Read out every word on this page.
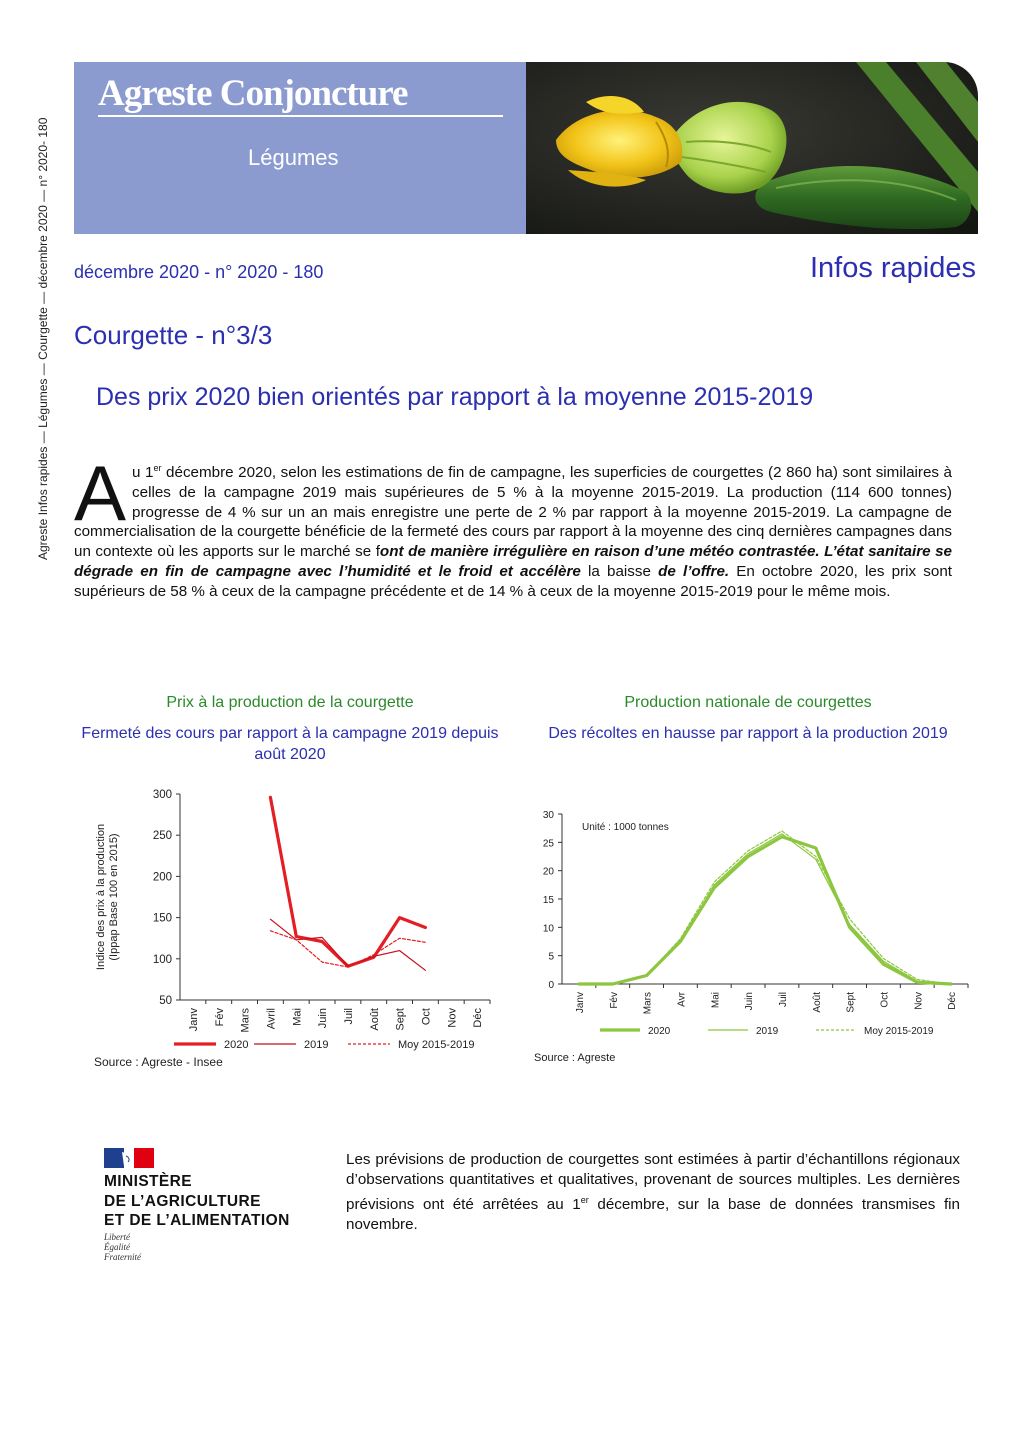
Agreste Infos rapides — Légumes — Courgette — décembre 2020 — n° 2020- 180
Agreste Conjoncture
Légumes
décembre 2020 - n° 2020 - 180	Infos rapides
Courgette - n°3/3
Des prix 2020 bien orientés par rapport à la moyenne 2015-2019
Au 1er décembre 2020, selon les estimations de fin de campagne, les superficies de courgettes (2 860 ha) sont similaires à celles de la campagne 2019 mais supérieures de 5 % à la moyenne 2015-2019. La production (114 600 tonnes) progresse de 4 % sur un an mais enregistre une perte de 2 % par rapport à la moyenne 2015-2019. La campagne de commercialisation de la courgette bénéficie de la fermeté des cours par rapport à la moyenne des cinq dernières campagnes dans un contexte où les apports sur le marché se font de manière irrégulière en raison d’une météo contrastée. L’état sanitaire se dégrade en fin de campagne avec l’humidité et le froid et accélère la baisse de l’offre. En octobre 2020, les prix sont supérieurs de 58 % à ceux de la campagne précédente et de 14 % à ceux de la moyenne 2015-2019 pour le même mois.
Prix à la production de la courgette
Fermeté des cours par rapport à la campagne 2019 depuis août 2020
Production nationale de courgettes
Des récoltes en hausse par rapport à la production 2019
50
100
150
200
250
300
Janv Fév Mars Avril Mai Juin Juil Août Sept Oct Nov Déc
2020	2019	Moy 2015-2019
Indice des prix à la production(Ippap Base 100 en 2015)
Source : Agreste - Insee
0
5
10
15
20
25
30
Janv Fév Mars Avr Mai Juin Juil Août Sept Oct Nov Déc
2020	2019	Moy 2015-2019
Unité : 1000 tonnes
Source : Agreste
MINISTÈRE
DE L’AGRICULTURE
ET DE L’ALIMENTATION
Liberté
Égalité
Fraternité
Les prévisions de production de courgettes sont estimées à partir d’échantillons régionaux d’observations quantitatives et qualitatives, provenant de sources multiples. Les dernières prévisions ont été arrêtées au 1er décembre, sur la base de données transmises fin novembre.
